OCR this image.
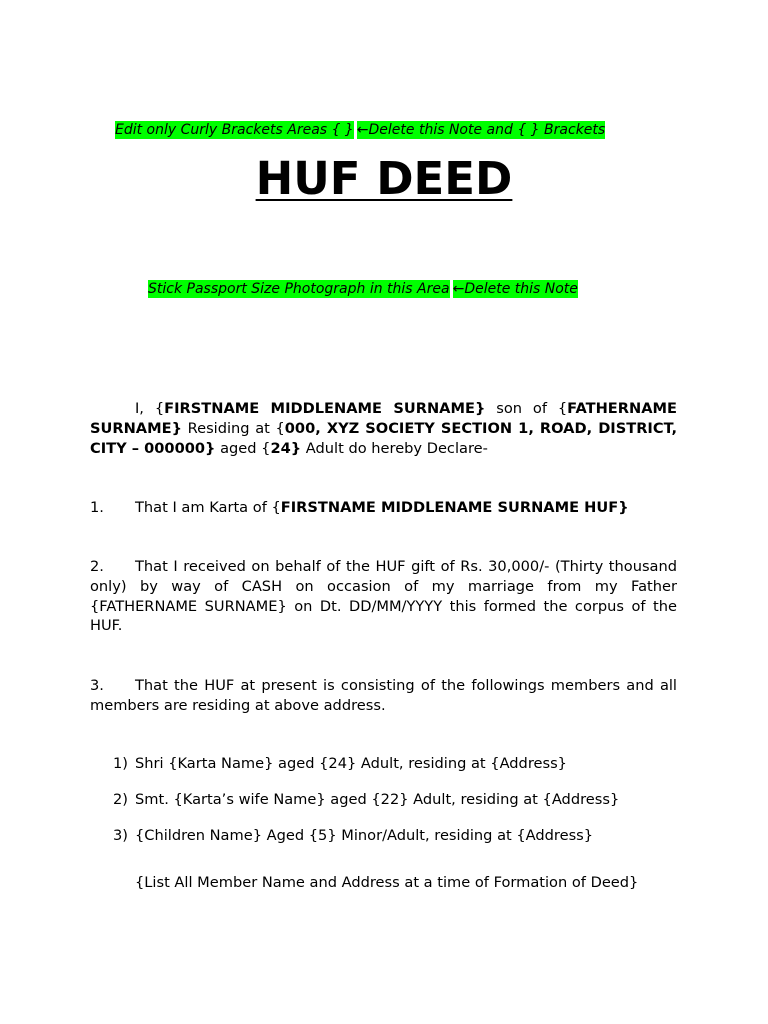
Edit only Curly Brackets Areas { } ←Delete this Note and { } Brackets
HUF DEED
Stick Passport Size Photograph in this Area ←Delete this Note
I, {FIRSTNAME MIDDLENAME SURNAME} son of {FATHERNAME SURNAME} Residing at {000, XYZ SOCIETY SECTION 1, ROAD, DISTRICT, CITY – 000000} aged {24} Adult do hereby Declare-
1. That I am Karta of {FIRSTNAME MIDDLENAME SURNAME HUF}
2. That I received on behalf of the HUF gift of Rs. 30,000/- (Thirty thousand only) by way of CASH on occasion of my marriage from my Father {FATHERNAME SURNAME} on Dt. DD/MM/YYYY this formed the corpus of the HUF.
3. That the HUF at present is consisting of the followings members and all members are residing at above address.
1) Shri {Karta Name} aged {24} Adult, residing at {Address}
2) Smt. {Karta’s wife Name} aged {22} Adult, residing at {Address}
3) {Children Name} Aged {5} Minor/Adult, residing at {Address}
{List All Member Name and Address at a time of Formation of Deed}
